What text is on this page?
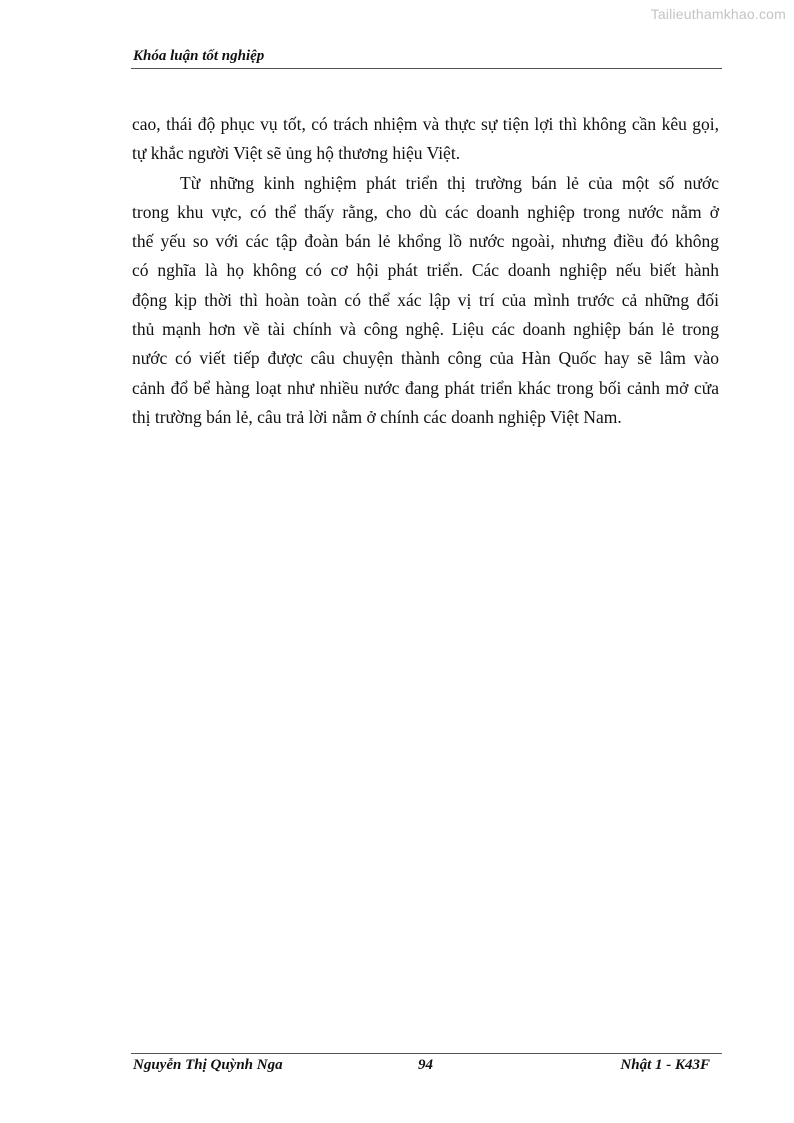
Tailieuthamkhao.com
Khóa luận tốt nghiệp
cao, thái độ phục vụ tốt, có trách nhiệm và thực sự tiện lợi thì không cần kêu gọi,
tự khắc người Việt sẽ ủng hộ thương hiệu Việt.
Từ những kinh nghiệm phát triển thị trường bán lẻ của một số nước
trong khu vực, có thể thấy rằng, cho dù các doanh nghiệp trong nước nằm ở
thế yếu so với các tập đoàn bán lẻ khổng lồ nước ngoài, nhưng điều đó không
có nghĩa là họ không có cơ hội phát triển. Các doanh nghiệp nếu biết hành
động kịp thời thì hoàn toàn có thể xác lập vị trí của mình trước cả những đối
thủ mạnh hơn về tài chính và công nghệ. Liệu các doanh nghiệp bán lẻ trong
nước có viết tiếp được câu chuyện thành công của Hàn Quốc hay sẽ lâm vào
cảnh đổ bể hàng loạt như nhiều nước đang phát triển khác trong bối cảnh mở cửa
thị trường bán lẻ, câu trả lời nằm ở chính các doanh nghiệp Việt Nam.
Nguyễn Thị Quỳnh Nga	94	Nhật 1 - K43F
